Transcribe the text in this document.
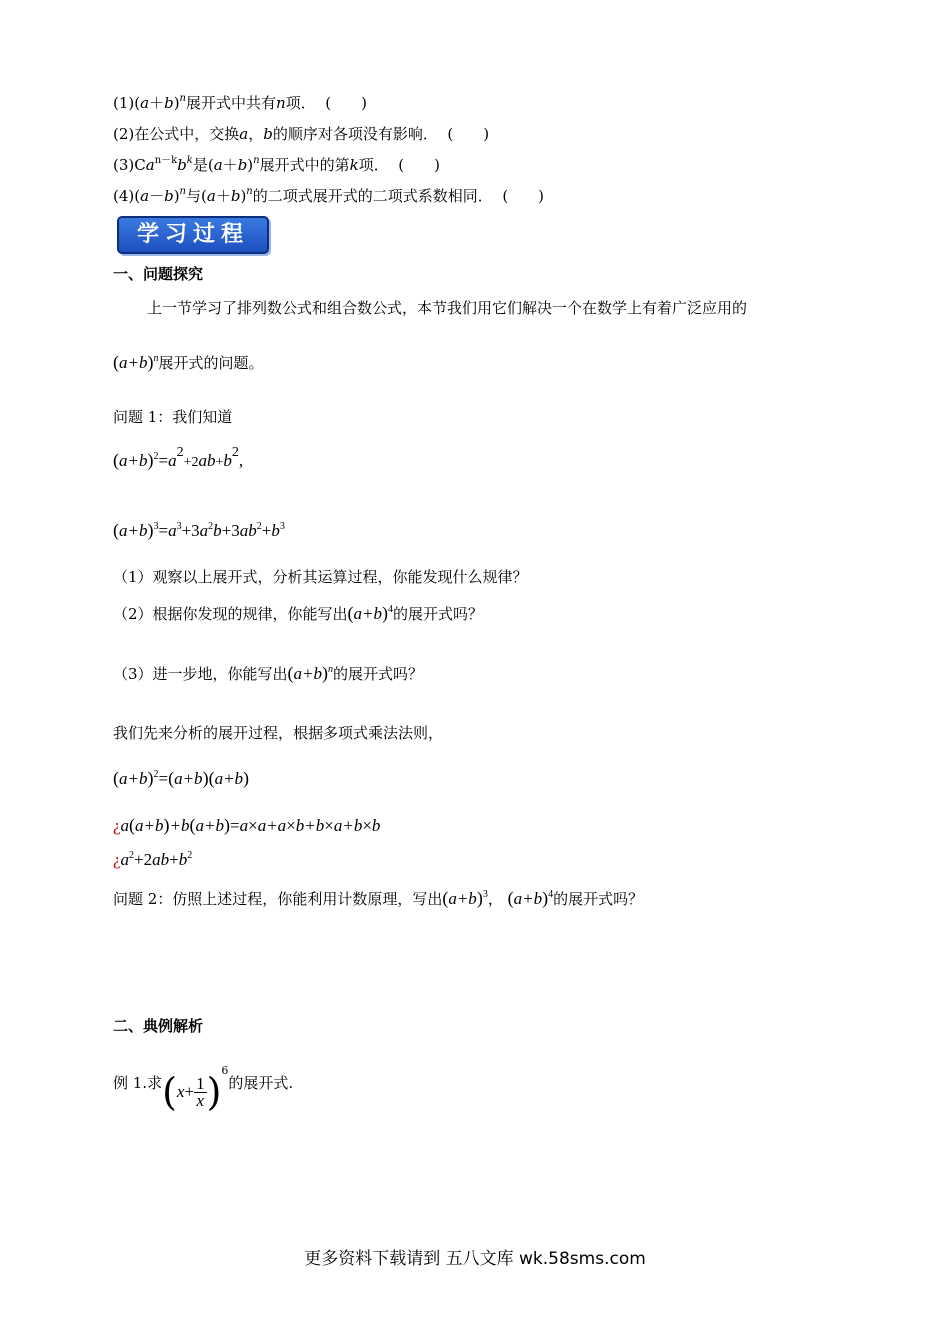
$(1)(a+b)^n$展开式中共有n项． (　　)
(2)在公式中，交换a，b的顺序对各项没有影响． (　　)
$(3)Ca^{n-k}b^k$是$(a+b)^n$展开式中的第k项． (　　)
$(4)(a-b)^n$与$(a+b)^n$的二项式展开式的二项式系数相同． (　　)
学习过程
一、问题探究
上一节学习了排列数公式和组合数公式，本节我们用它们解决一个在数学上有着广泛应用的
$(a+b)^n$展开式的问题。
问题 1：我们知道
$(a+b)^2=a^2+2ab+b^2$,
$(a+b)^3=a^3+3a^2b+3ab^2+b^3$
（1）观察以上展开式，分析其运算过程，你能发现什么规律？
（2）根据你发现的规律，你能写出$(a+b)^4$的展开式吗？
（3）进一步地，你能写出$(a+b)^n$的展开式吗？
我们先来分析的展开过程，根据多项式乘法法则，
$(a+b)^2=(a+b)(a+b)$
¿a(a+b)+b(a+b)=a×a+a×b+b×a+b×b
¿$a^2+2ab+b^2$
问题 2：仿照上述过程，你能利用计数原理，写出$(a+b)^3$， $(a+b)^4$的展开式吗？
二、典例解析
例 1.求$(x+ \frac{1}{x} )^6$的展开式.
更多资料下载请到 五八文库 wk.58sms.com
